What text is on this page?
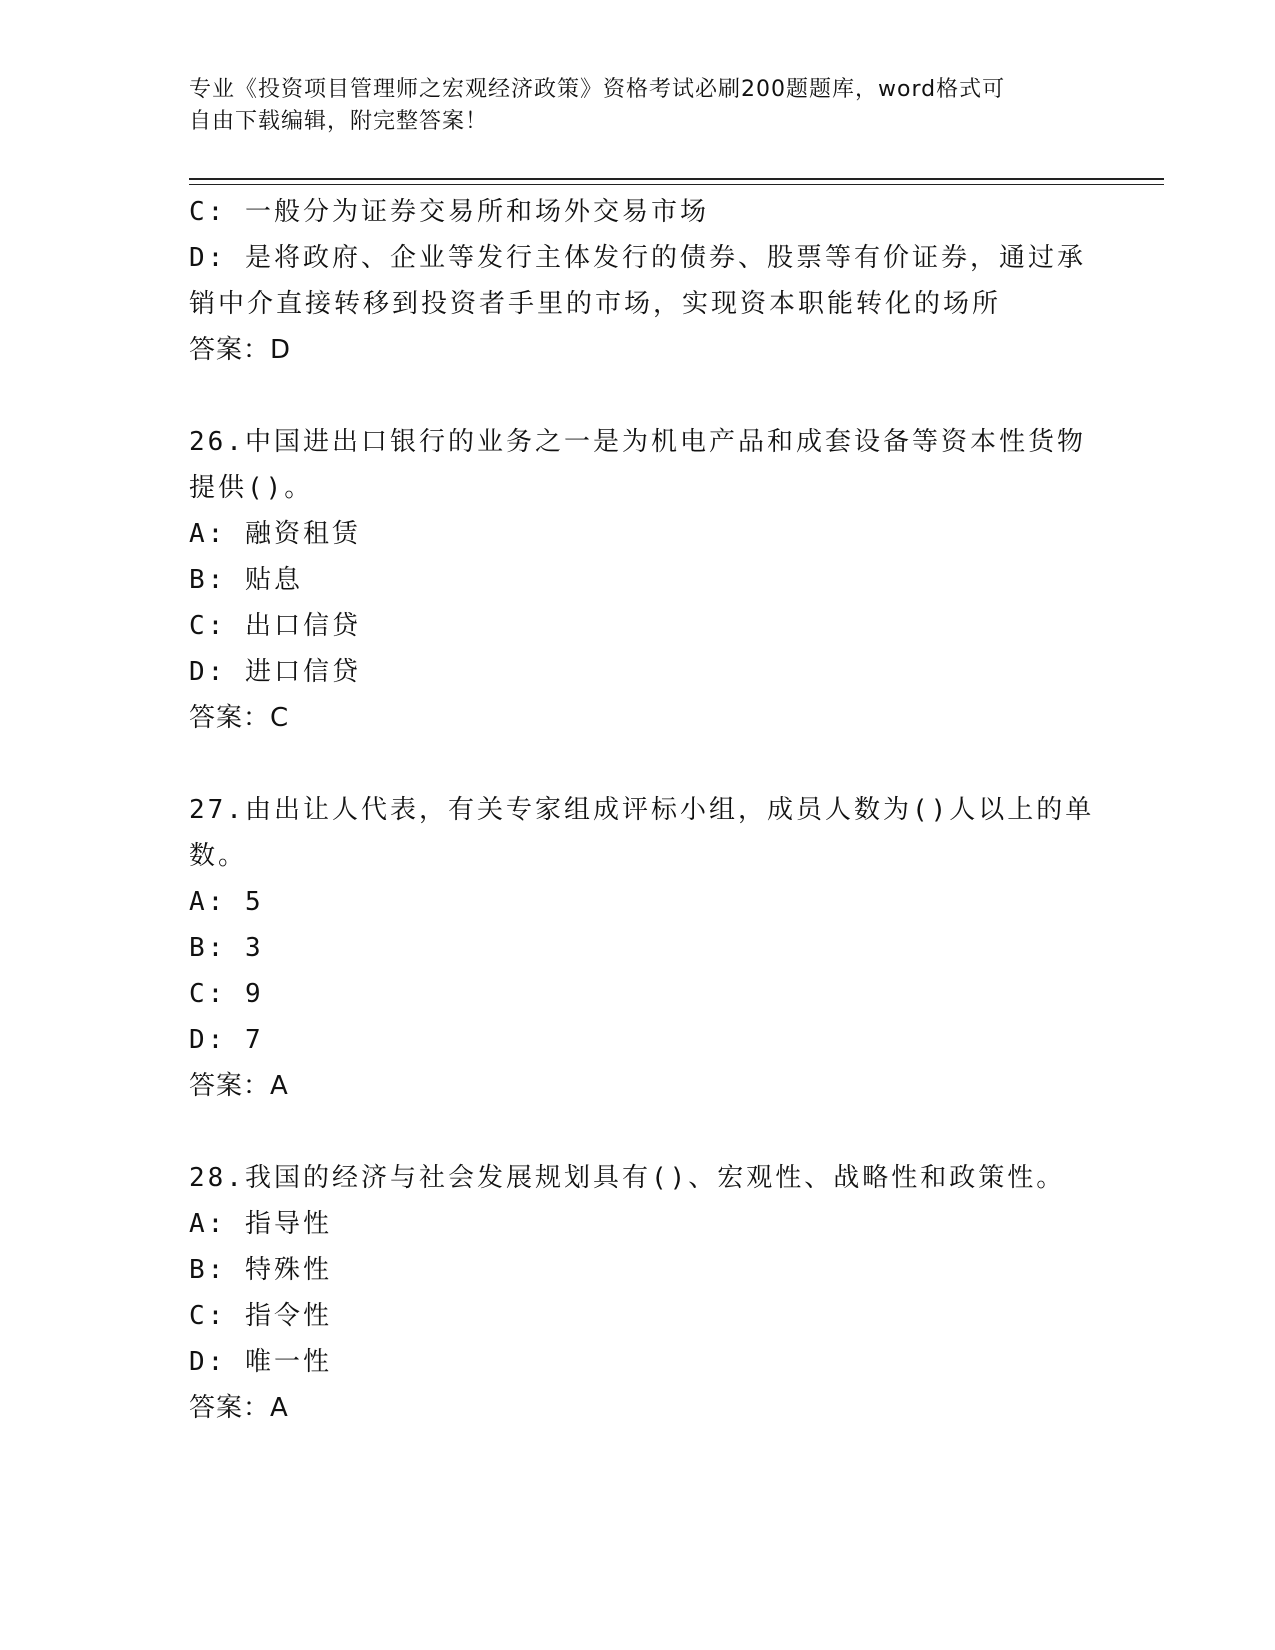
专业《投资项目管理师之宏观经济政策》资格考试必刷200题题库，word格式可
自由下载编辑，附完整答案！
C: 一般分为证券交易所和场外交易市场
D: 是将政府、企业等发行主体发行的债券、股票等有价证券，通过承
销中介直接转移到投资者手里的市场，实现资本职能转化的场所
答案：D
26.中国进出口银行的业务之一是为机电产品和成套设备等资本性货物
提供()。
A: 融资租赁
B: 贴息
C: 出口信贷
D: 进口信贷
答案：C
27.由出让人代表，有关专家组成评标小组，成员人数为()人以上的单
数。
A: 5
B: 3
C: 9
D: 7
答案：A
28.我国的经济与社会发展规划具有()、宏观性、战略性和政策性。
A: 指导性
B: 特殊性
C: 指令性
D: 唯一性
答案：A
